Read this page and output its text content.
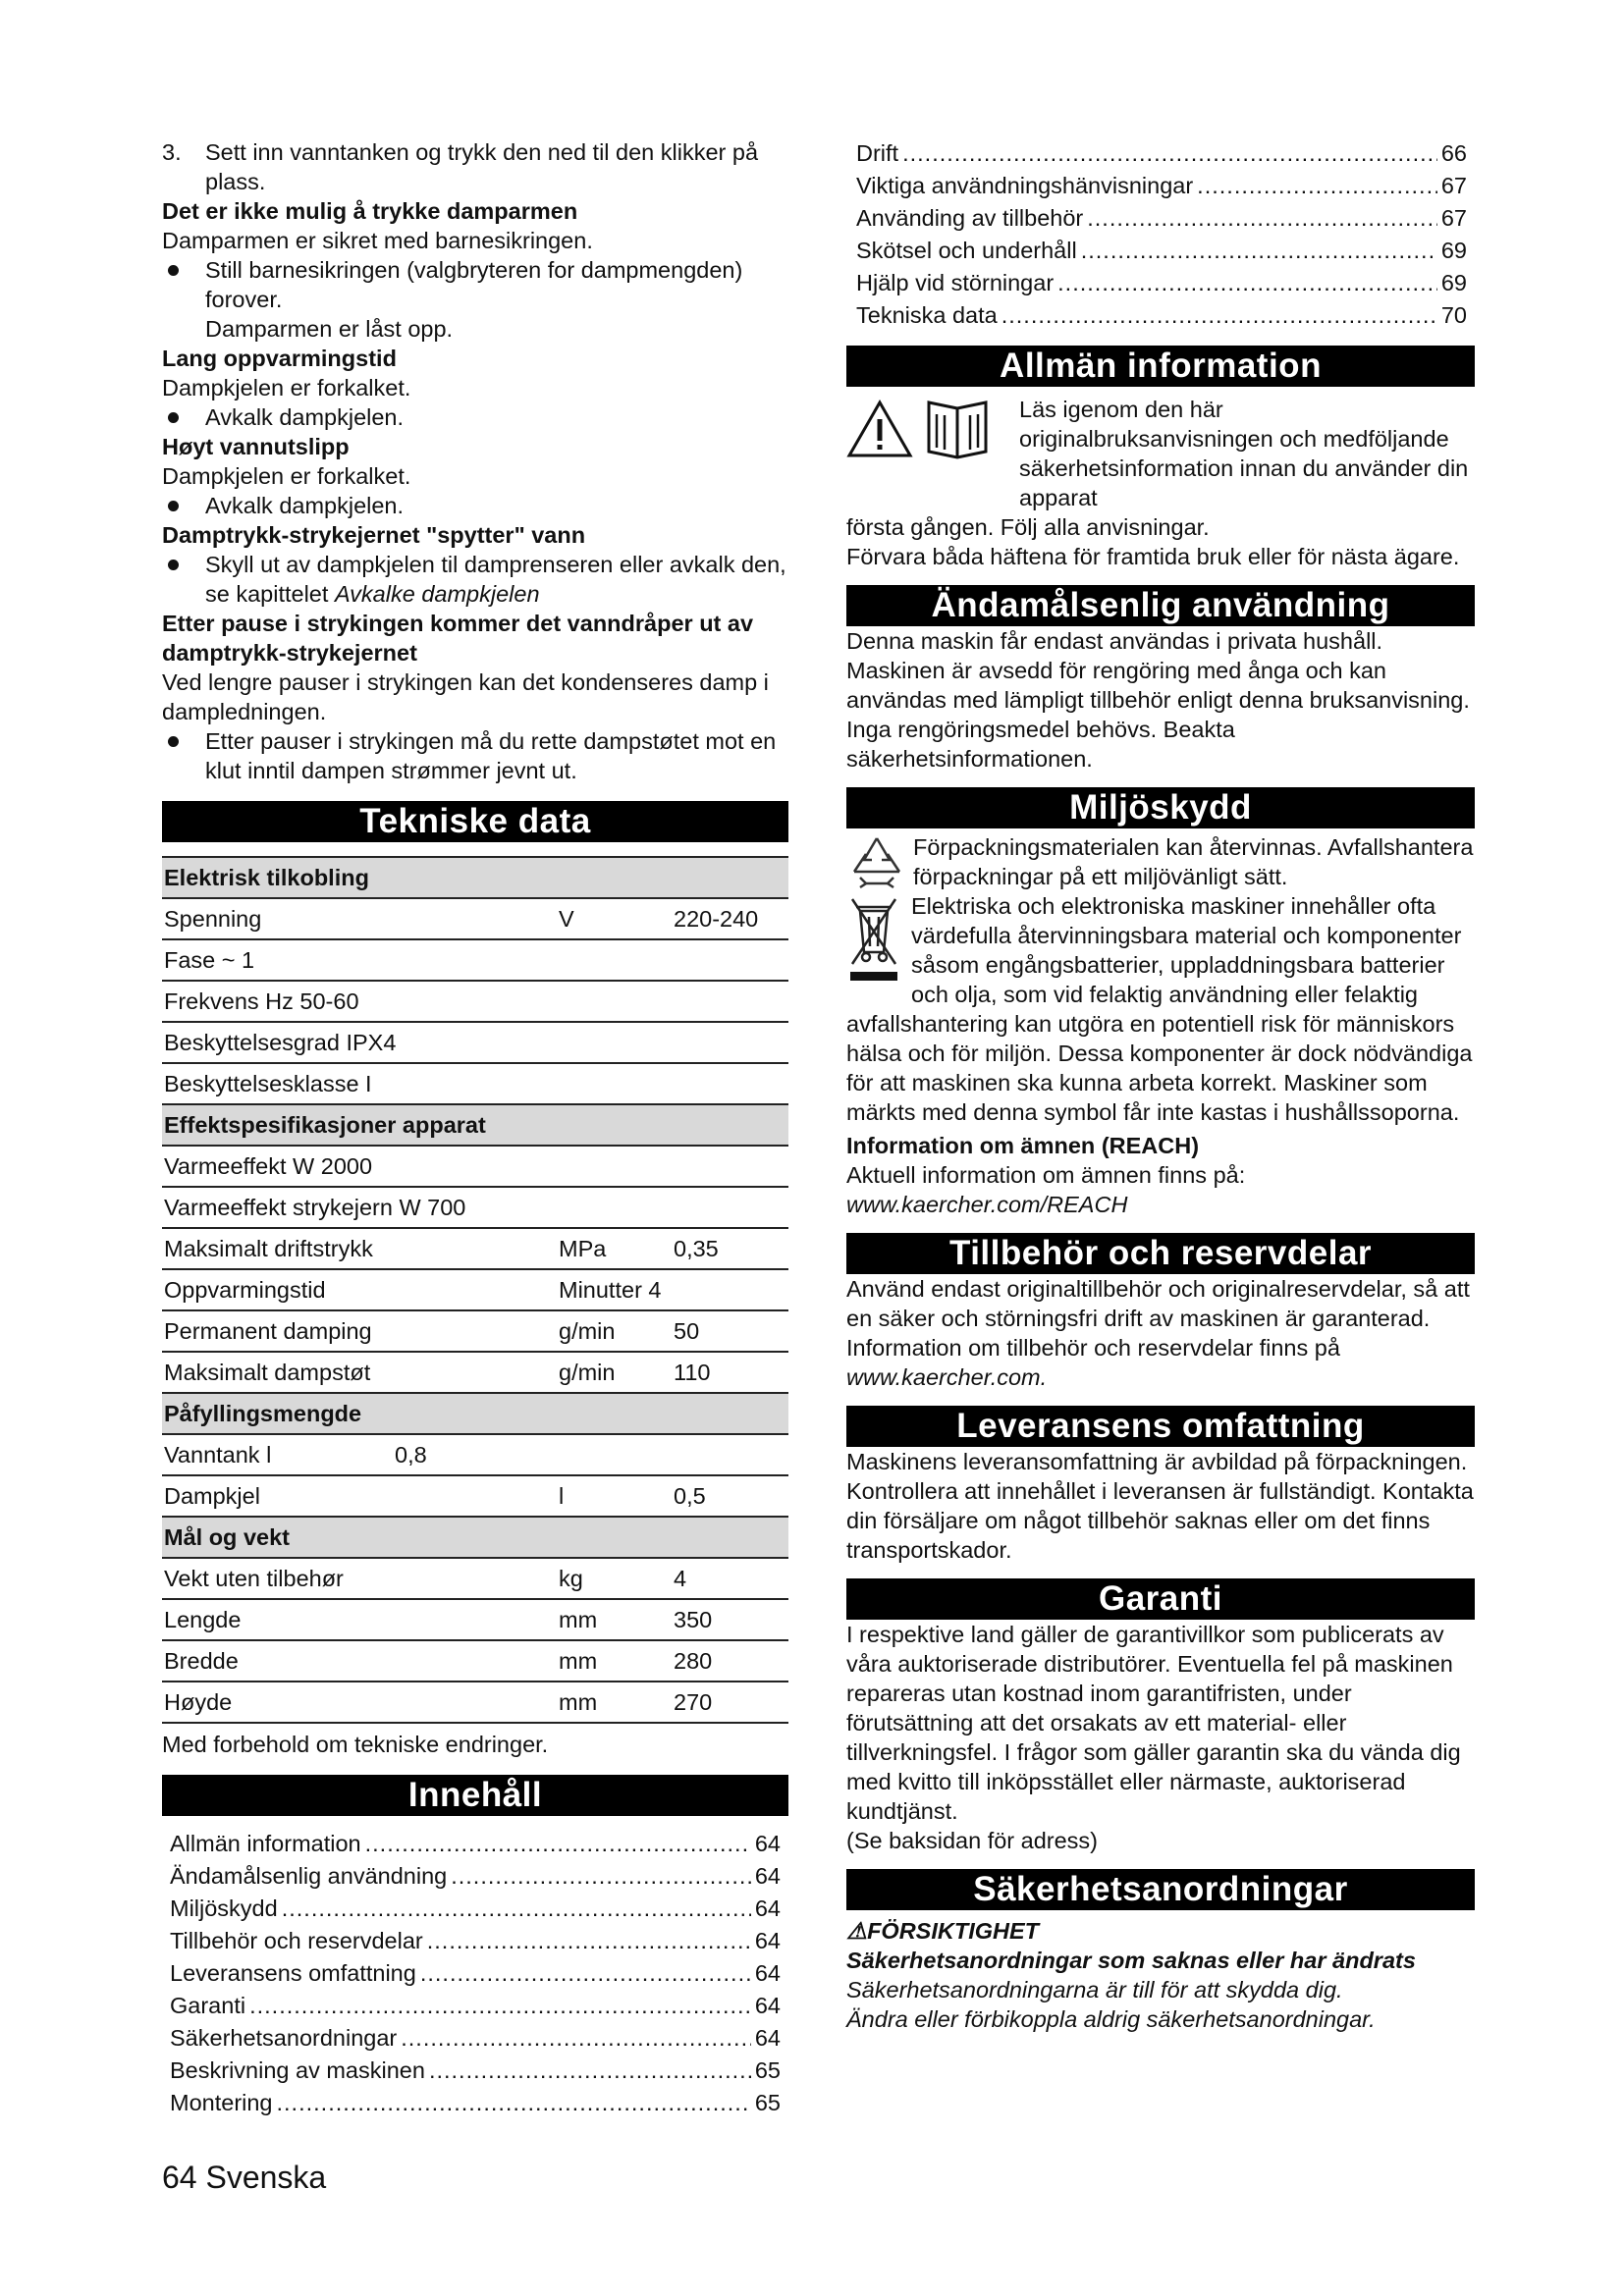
3. Sett inn vanntanken og trykk den ned til den klikker på plass.

Det er ikke mulig å trykke damparmen

Damparmen er sikret med barnesikringen.

Still barnesikringen (valgbryteren for dampmengden) forover.

Damparmen er låst opp.

Lang oppvarmingstid

Dampkjelen er forkalket.

Avkalk dampkjelen.

Høyt vannutslipp

Dampkjelen er forkalket.

Avkalk dampkjelen.

Damptrykk-strykejernet "spytter" vann

Skyll ut av dampkjelen til damprenseren eller avkalk den, se kapittelet Avkalke dampkjelen

Etter pause i strykingen kommer det vanndråper ut av damptrykk-strykejernet

Ved lengre pauser i strykingen kan det kondenseres damp i dampledningen.

Etter pauser i strykingen må du rette dampstøtet mot en klut inntil dampen strømmer jevnt ut.
Tekniske data
Elektrisk tilkobling		
Spenning	V	220-240
Fase ~ 1		
Frekvens Hz 50-60		
Beskyttelsesgrad IPX4		
Beskyttelsesklasse I		
Effektspesifikasjoner apparat		
Varmeeffekt W 2000		
Varmeeffekt strykejern W 700		
Maksimalt driftstrykk	MPa	0,35
Oppvarmingstid	Minutter 4	
Permanent damping	g/min	50
Maksimalt dampstøt	g/min	110
Påfyllingsmengde		
Vanntank l 0,8		
Dampkjel	l	0,5
Mål og vekt		
Vekt uten tilbehør	kg	4
Lengde	mm	350
Bredde	mm	280
Høyde	mm	270

Med forbehold om tekniske endringer.

Innehåll
Allmän information .....	64
Ändamålsenlig användning .....	64
Miljöskydd .....	64
Tillbehör och reservdelar .....	64
Leveransens omfattning .....	64
Garanti .....	64
Säkerhetsanordningar .....	64
Beskrivning av maskinen .....	65
Montering .....	65
Drift .....	66
Viktiga användningshänvisningar .....	67
Använding av tillbehör .....	67
Skötsel och underhåll .....	69
Hjälp vid störningar .....	69
Tekniska data .....	70
Allmän information

Läs igenom den här originalbruksanvisningen och medföljande säkerhetsinformation innan du använder din apparat

första gången. Följ alla anvisningar.

Förvara båda häftena för framtida bruk eller för nästa ägare.

Ändamålsenlig användning

Denna maskin får endast användas i privata hushåll. Maskinen är avsedd för rengöring med ånga och kan användas med lämpligt tillbehör enligt denna bruksanvisning. Inga rengöringsmedel behövs. Beakta säkerhetsinformationen.

Miljöskydd

Förpackningsmaterialen kan återvinnas. Avfallshantera förpackningar på ett miljövänligt sätt.

Elektriska och elektroniska maskiner innehåller ofta värdefulla återvinningsbara material och komponenter såsom engångsbatterier, uppladdningsbara batterier och olja, som vid felaktig användning eller felaktig avfallshantering kan utgöra en potentiell risk för människors hälsa och för miljön. Dessa komponenter är dock nödvändiga för att maskinen ska kunna arbeta korrekt. Maskiner som märkts med denna symbol får inte kastas i hushållssoporna.

Information om ämnen (REACH)

Aktuell information om ämnen finns på: www.kaercher.com/REACH

Tillbehör och reservdelar

Använd endast originaltillbehör och originalreservdelar, så att en säker och störningsfri drift av maskinen är garanterad.

Information om tillbehör och reservdelar finns på

www.kaercher.com.

Leveransens omfattning

Maskinens leveransomfattning är avbildad på förpackningen. Kontrollera att innehållet i leveransen är fullständigt. Kontakta din försäljare om något tillbehör saknas eller om det finns transportskador.

Garanti

I respektive land gäller de garantivillkor som publicerats av våra auktoriserade distributörer. Eventuella fel på maskinen repareras utan kostnad inom garantifristen, under förutsättning att det orsakats av ett material- eller tillverkningsfel. I frågor som gäller garantin ska du vända dig med kvitto till inköpsstället eller närmaste, auktoriserad kundtjänst.

(Se baksidan för adress)

Säkerhetsanordningar

⚠FÖRSIKTIGHET

Säkerhetsanordningar som saknas eller har ändrats

Säkerhetsanordningarna är till för att skydda dig.

Ändra eller förbikoppla aldrig säkerhetsanordningar.

64 Svenska
